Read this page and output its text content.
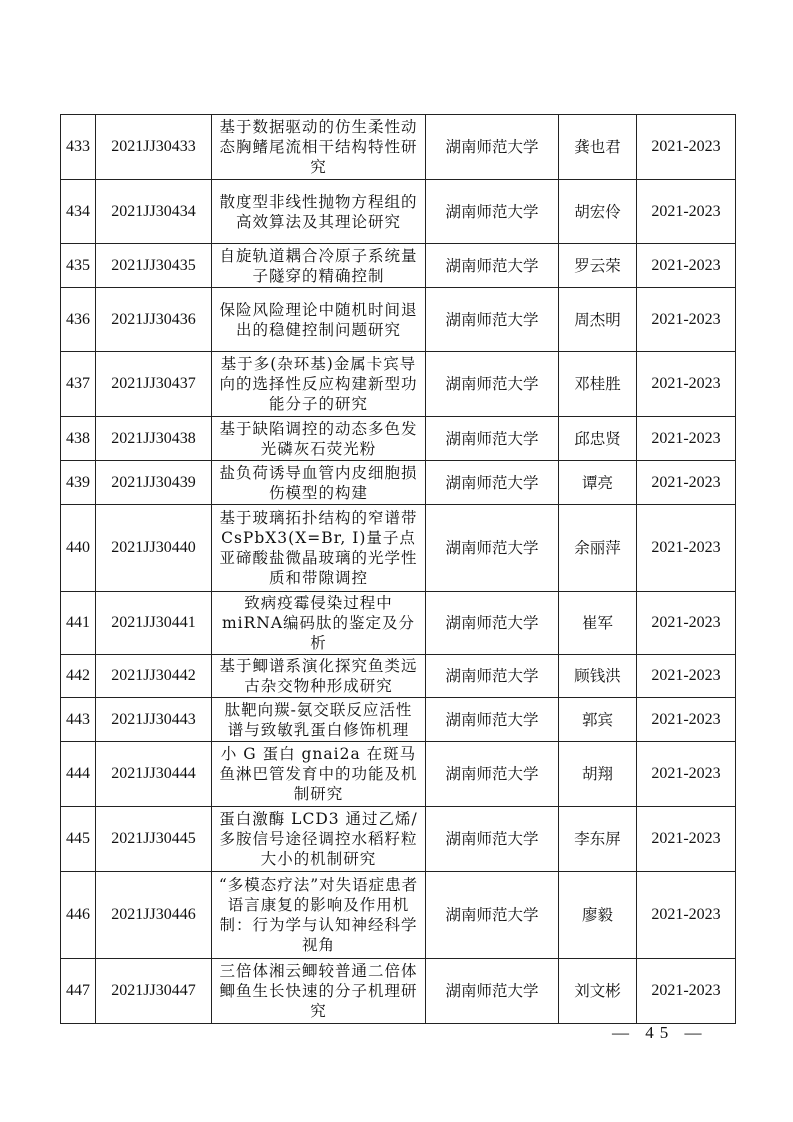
433	2021JJ30433	基于数据驱动的仿生柔性动态胸鳍尾流相干结构特性研究	湖南师范大学	龚也君	2021-2023
434	2021JJ30434	散度型非线性抛物方程组的高效算法及其理论研究	湖南师范大学	胡宏伶	2021-2023
435	2021JJ30435	自旋轨道耦合冷原子系统量子隧穿的精确控制	湖南师范大学	罗云荣	2021-2023
436	2021JJ30436	保险风险理论中随机时间退出的稳健控制问题研究	湖南师范大学	周杰明	2021-2023
437	2021JJ30437	基于多(杂环基)金属卡宾导向的选择性反应构建新型功能分子的研究	湖南师范大学	邓桂胜	2021-2023
438	2021JJ30438	基于缺陷调控的动态多色发光磷灰石荧光粉	湖南师范大学	邱忠贤	2021-2023
439	2021JJ30439	盐负荷诱导血管内皮细胞损伤模型的构建	湖南师范大学	谭亮	2021-2023
440	2021JJ30440	基于玻璃拓扑结构的窄谱带 CsPbX3(X=Br, I)量子点亚碲酸盐微晶玻璃的光学性质和带隙调控	湖南师范大学	余丽萍	2021-2023
441	2021JJ30441	致病疫霉侵染过程中miRNA编码肽的鉴定及分析	湖南师范大学	崔军	2021-2023
442	2021JJ30442	基于鲫谱系演化探究鱼类远古杂交物种形成研究	湖南师范大学	顾钱洪	2021-2023
443	2021JJ30443	肽靶向羰-氨交联反应活性谱与致敏乳蛋白修饰机理	湖南师范大学	郭宾	2021-2023
444	2021JJ30444	小 G 蛋白 gnai2a 在斑马鱼淋巴管发育中的功能及机制研究	湖南师范大学	胡翔	2021-2023
445	2021JJ30445	蛋白激酶 LCD3 通过乙烯/多胺信号途径调控水稻籽粒大小的机制研究	湖南师范大学	李东屏	2021-2023
446	2021JJ30446	“多模态疗法”对失语症患者语言康复的影响及作用机制：行为学与认知神经科学视角	湖南师范大学	廖毅	2021-2023
447	2021JJ30447	三倍体湘云鲫较普通二倍体鲫鱼生长快速的分子机理研究	湖南师范大学	刘文彬	2021-2023
— 45 —
